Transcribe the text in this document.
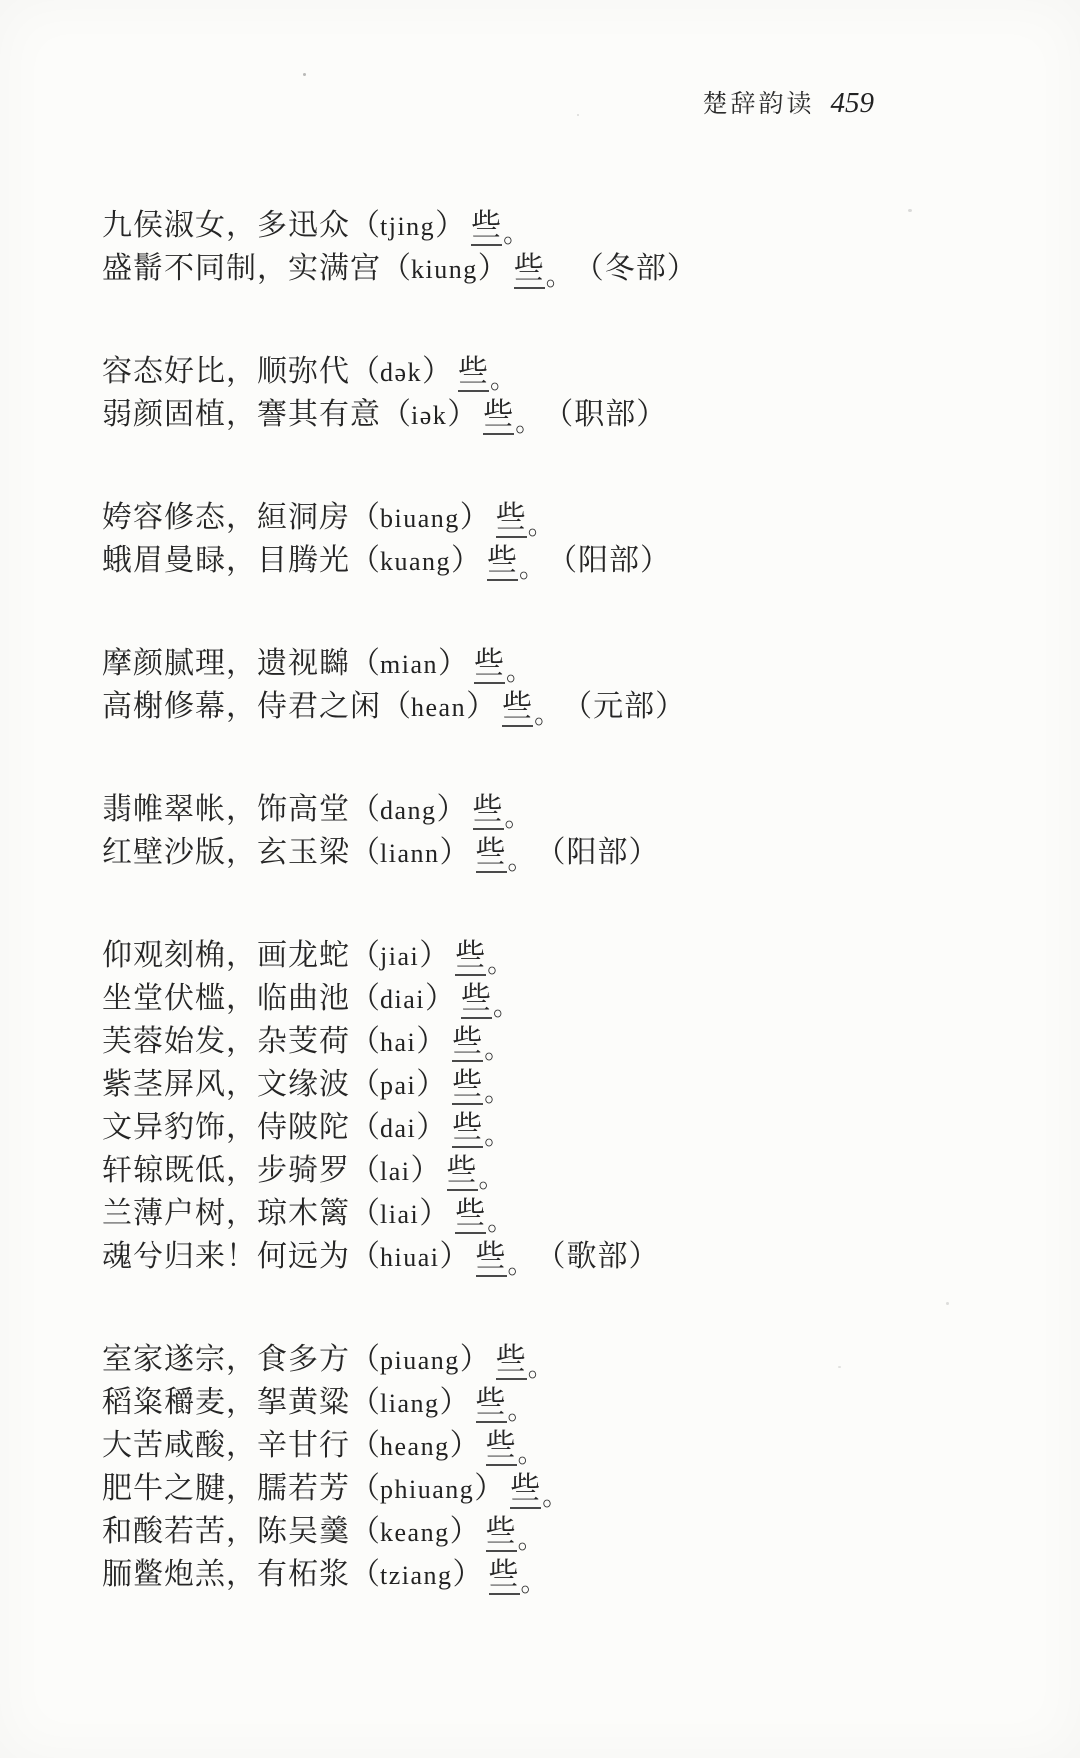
楚辞韵读 459

九侯淑女，多迅众（tjing） 些。

盛鬋不同制，实满宫（kiung） 些。（冬部）

容态好比，顺弥代（dək） 些。

弱颜固植，謇其有意（iək） 些。（职部）

姱容修态，絙洞房（biuang） 些。

蛾眉曼睩，目腾光（kuang） 些。（阳部）

摩颜腻理，遗视矊（mian） 些。

高榭修幕，侍君之闲（hean） 些。（元部）

翡帷翠帐，饰高堂（dang） 些。

红壁沙版，玄玉梁（liann） 些。（阳部）

仰观刻桷，画龙蛇（jiai） 些。

坐堂伏槛，临曲池（diai） 些。

芙蓉始发，杂芰荷（hai） 些。

紫茎屏风，文缘波（pai） 些。

文异豹饰，侍陂陀（dai） 些。

轩辌既低，步骑罗（lai） 些。

兰薄户树，琼木篱（liai） 些。

魂兮归来！何远为（hiuai） 些。（歌部）

室家遂宗，食多方（piuang） 些。

稻粢穱麦，挐黄粱（liang） 些。

大苦咸酸，辛甘行（heang） 些。

肥牛之腱，臑若芳（phiuang） 些。

和酸若苦，陈吴羹（keang） 些。

胹鳖炮羔，有柘浆（tziang） 些。
